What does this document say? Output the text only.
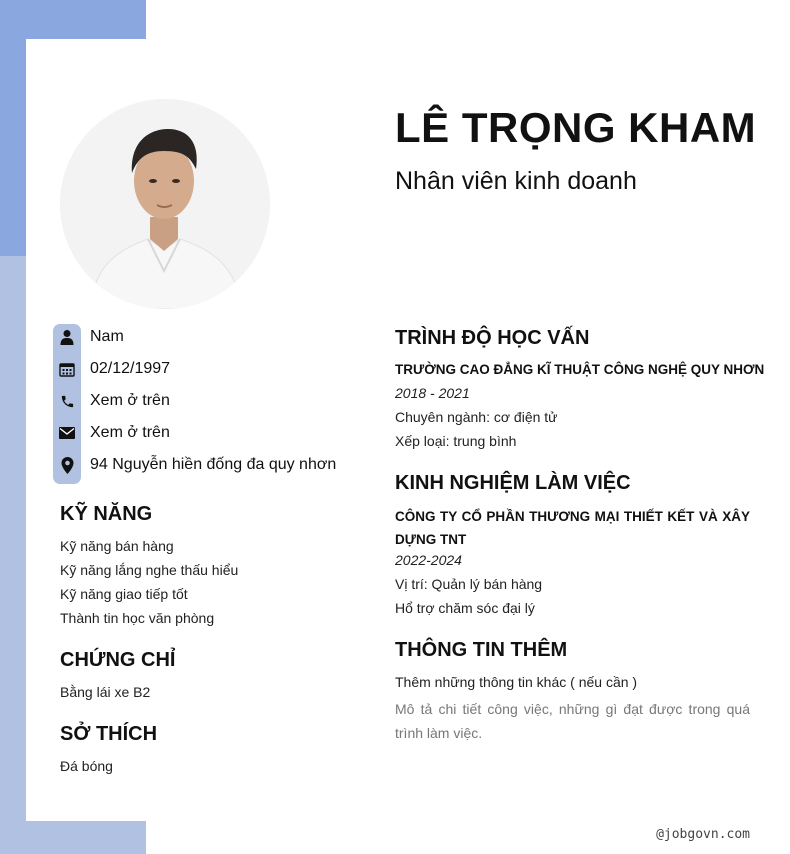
LÊ TRỌNG KHAM
Nhân viên kinh doanh
Nam
02/12/1997
Xem ở trên
Xem ở trên
94 Nguyễn hiền đống đa quy nhơn
KỸ NĂNG
Kỹ năng bán hàng
Kỹ năng lắng nghe thấu hiểu
Kỹ năng giao tiếp tốt
Thành tin học văn phòng
CHỨNG CHỈ
Bằng lái xe B2
SỞ THÍCH
Đá bóng
TRÌNH ĐỘ HỌC VẤN
TRƯỜNG CAO ĐẲNG KĨ THUẬT CÔNG NGHỆ QUY NHƠN
2018 - 2021
Chuyên ngành: cơ điện tử
Xếp loại: trung bình
KINH NGHIỆM LÀM VIỆC
CÔNG TY CỔ PHẦN THƯƠNG MẠI THIẾT KẾT VÀ XÂY DỰNG TNT
2022-2024
Vị trí: Quản lý bán hàng
Hổ trợ chăm sóc đại lý
THÔNG TIN THÊM
Thêm những thông tin khác ( nếu cần )
Mô tả chi tiết công việc, những gì đạt được trong quá trình làm việc.
@jobgovn.com
